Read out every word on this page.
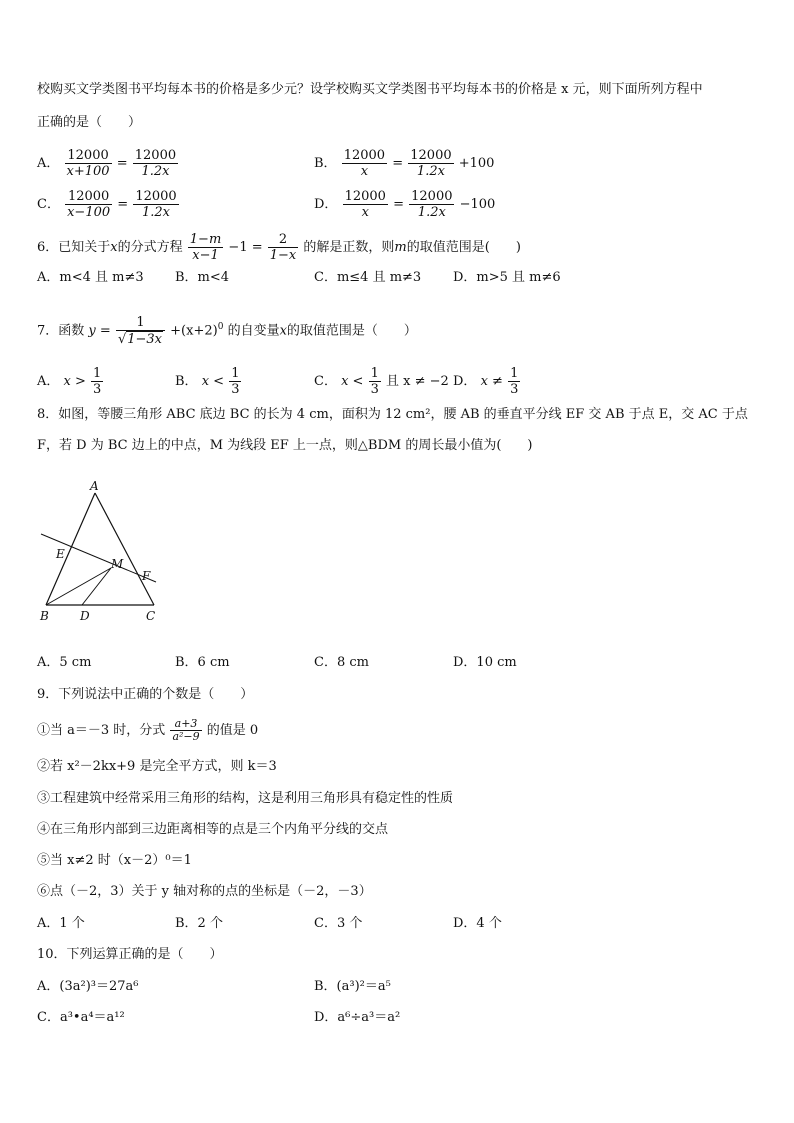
校购买文学类图书平均每本书的价格是多少元？设学校购买文学类图书平均每本书的价格是 x 元，则下面所列方程中
正确的是（　　）
A． $\frac{12000}{x+100} = \frac{12000}{1.2x}$	B． $\frac{12000}{x} = \frac{12000}{1.2x} +100$
C． $\frac{12000}{x-100} = \frac{12000}{1.2x}$	D． $\frac{12000}{x} = \frac{12000}{1.2x} -100$
6．已知关于x的分式方程 $\frac{1-m}{x-1} -1 = \frac{2}{1-x}$ 的解是正数，则m的取值范围是(　　)
A．m<4 且 m≠3 B．m<4	C．m≤4 且 m≠3 D．m>5 且 m≠6
7．函数 $y = \frac{1}{√1-3x} +(x+2)^0$ 的自变量x的取值范围是（　　）
A． $x > \frac{1}{3}$	B． $x < \frac{1}{3}$	C． $x < \frac{1}{3}$ 且 x ≠ −2 D． $x \ne \frac{1}{3}$
8．如图，等腰三角形 ABC 底边 BC 的长为 4 cm，面积为 12 cm²，腰 AB 的垂直平分线 EF 交 AB 于点 E，交 AC 于点
F，若 D 为 BC 边上的中点，M 为线段 EF 上一点，则△BDM 的周长最小值为(　　)
A
E
M
F
B	D	C
A．5 cm	B．6 cm	C．8 cm	D．10 cm
9．下列说法中正确的个数是（　　）
①当 a＝－3 时，分式 $\frac{a+3}{\text{a²−9}}$ 的值是 0
②若 x²－2kx+9 是完全平方式，则 k＝3
③工程建筑中经常采用三角形的结构，这是利用三角形具有稳定性的性质
④在三角形内部到三边距离相等的点是三个内角平分线的交点
⑤当 x≠2 时（x－2）⁰＝1
⑥点（－2，3）关于 y 轴对称的点的坐标是（－2，－3）
A．1 个	B．2 个	C．3 个	D．4 个
10．下列运算正确的是（　　）
A．(3a²)³＝27a⁶	B．(a³)²＝a⁵
C．a³•a⁴＝a¹²	D．a⁶÷a³＝a²
